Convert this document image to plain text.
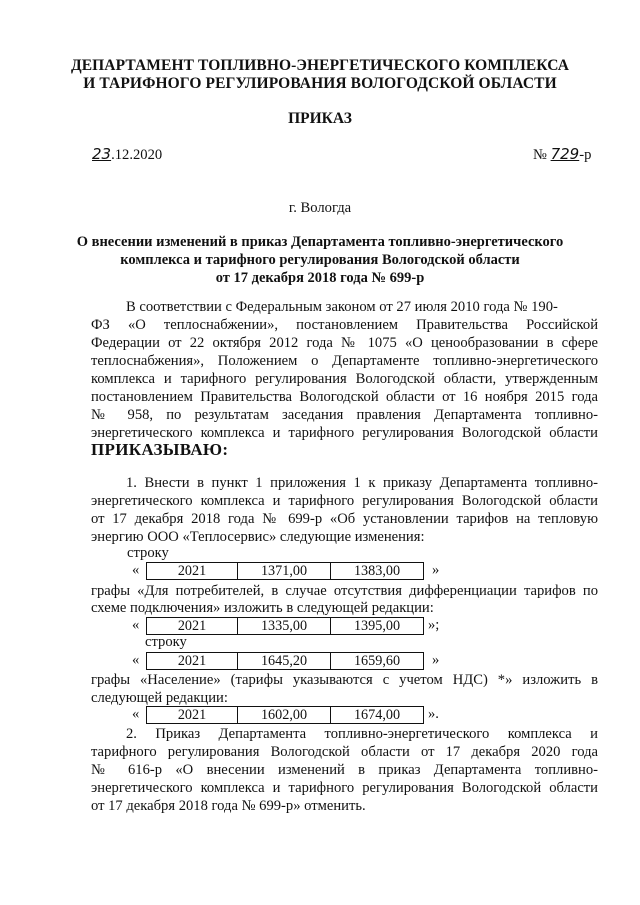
ДЕПАРТАМЕНТ ТОПЛИВНО-ЭНЕРГЕТИЧЕСКОГО КОМПЛЕКСА
И ТАРИФНОГО РЕГУЛИРОВАНИЯ ВОЛОГОДСКОЙ ОБЛАСТИ
ПРИКАЗ
23.12.2020	№ 729-р
г. Вологда
О внесении изменений в приказ Департамента топливно-энергетического
комплекса и тарифного регулирования Вологодской области
от 17 декабря 2018 года № 699-р
В соответствии с Федеральным законом от 27 июля 2010 года № 190-
ФЗ «О теплоснабжении», постановлением Правительства Российской
Федерации от 22 октября 2012 года № 1075 «О ценообразовании в сфере
теплоснабжения», Положением о Департаменте топливно-энергетического
комплекса и тарифного регулирования Вологодской области, утвержденным
постановлением Правительства Вологодской области от 16 ноября 2015 года
№ 958, по результатам заседания правления Департамента топливно-
энергетического комплекса и тарифного регулирования Вологодской области
ПРИКАЗЫВАЮ:
1. Внести в пункт 1 приложения 1 к приказу Департамента топливно-
энергетического комплекса и тарифного регулирования Вологодской области
от 17 декабря 2018 года № 699-р «Об установлении тарифов на тепловую
энергию ООО «Теплосервис» следующие изменения:
строку
«	2021	1371,00	1383,00 »
графы «Для потребителей, в случае отсутствия дифференциации тарифов по
схеме подключения» изложить в следующей редакции:
«	2021	1335,00	1395,00 »;
строку
«	2021	1645,20	1659,60 »
графы «Население» (тарифы указываются с учетом НДС) *» изложить в
следующей редакции:
«	2021	1602,00	1674,00 ».
2. Приказ Департамента топливно-энергетического комплекса и
тарифного регулирования Вологодской области от 17 декабря 2020 года
№ 616-р «О внесении изменений в приказ Департамента топливно-
энергетического комплекса и тарифного регулирования Вологодской области
от 17 декабря 2018 года № 699-р» отменить.
